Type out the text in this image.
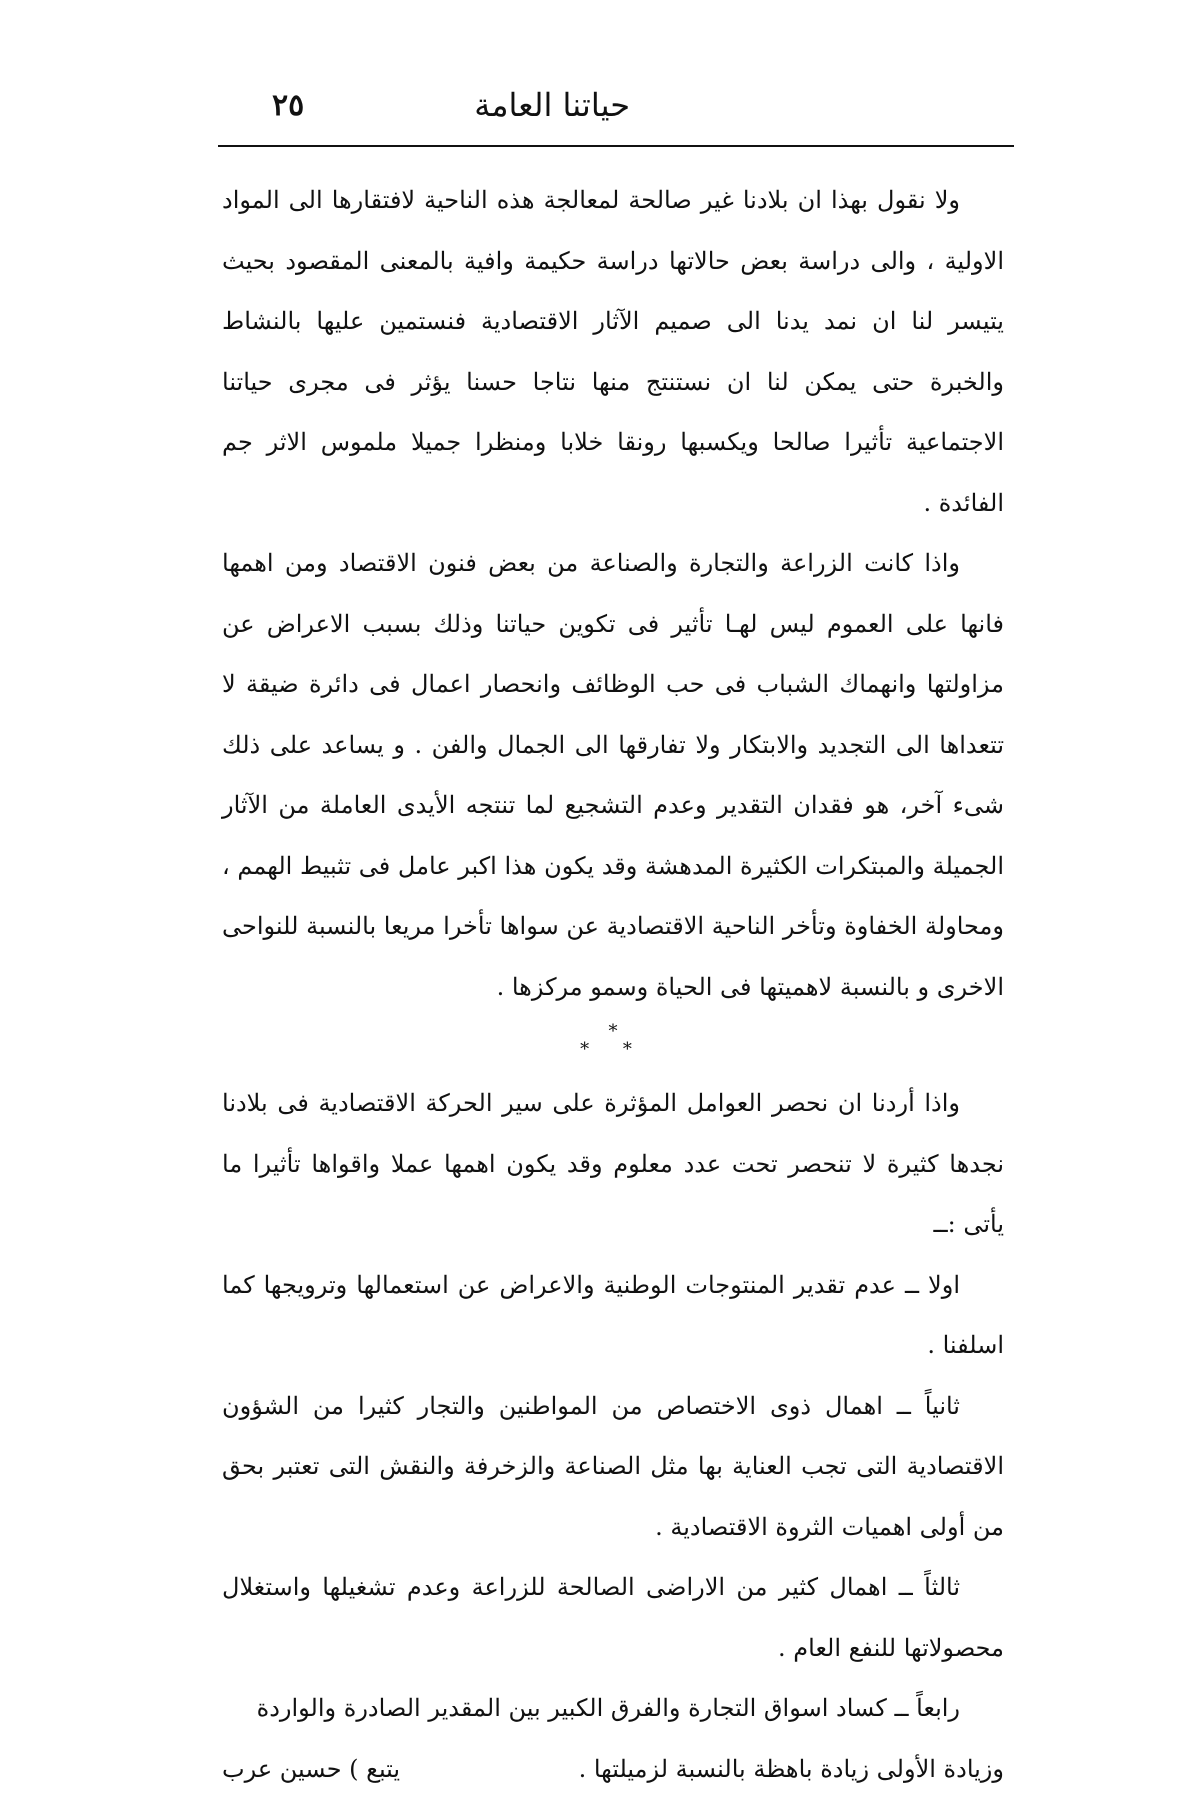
٢٥	حياتنا العامة

ولا نقول بهذا ان بلادنا غير صالحة لمعالجة هذه الناحية لافتقارها الى المواد الاولية ، والى دراسة بعض حالاتها دراسة حكيمة وافية بالمعنى المقصود بحيث يتيسر لنا ان نمد يدنا الى صميم الآثار الاقتصادية فنستمين عليها بالنشاط والخبرة حتى يمكن لنا ان نستنتج منها نتاجا حسنا يؤثر فى مجرى حياتنا الاجتماعية تأثيرا صالحا ويكسبها رونقا خلابا ومنظرا جميلا ملموس الاثر جم الفائدة .

واذا كانت الزراعة والتجارة والصناعة من بعض فنون الاقتصاد ومن اهمها فانها على العموم ليس لهـا تأثير فى تكوين حياتنا وذلك بسبب الاعراض عن مزاولتها وانهماك الشباب فى حب الوظائف وانحصار اعمال فى دائرة ضيقة لا تتعداها الى التجديد والابتكار ولا تفارقها الى الجمال والفن . و يساعد على ذلك شىء آخر، هو فقدان التقدير وعدم التشجيع لما تنتجه الأيدى العاملة من الآثار الجميلة والمبتكرات الكثيرة المدهشة وقد يكون هذا اكبر عامل فى تثبيط الهمم ، ومحاولة الخفاوة وتأخر الناحية الاقتصادية عن سواها تأخرا مريعا بالنسبة للنواحى الاخرى و بالنسبة لاهميتها فى الحياة وسمو مركزها .

*
* *

واذا أردنا ان نحصر العوامل المؤثرة على سير الحركة الاقتصادية فى بلادنا نجدها كثيرة لا تنحصر تحت عدد معلوم وقد يكون اهمها عملا واقواها تأثيرا ما يأتى :ــ

اولا ــ عدم تقدير المنتوجات الوطنية والاعراض عن استعمالها وترويجها كما اسلفنا .

ثانياً ــ اهمال ذوى الاختصاص من المواطنين والتجار كثيرا من الشؤون الاقتصادية التى تجب العناية بها مثل الصناعة والزخرفة والنقش التى تعتبر بحق من أولى اهميات الثروة الاقتصادية .

ثالثاً ــ اهمال كثير من الاراضى الصالحة للزراعة وعدم تشغيلها واستغلال محصولاتها للنفع العام .

رابعاً ــ كساد اسواق التجارة والفرق الكبير بين المقدير الصادرة والواردة

وزيادة الأولى زيادة باهظة بالنسبة لزميلتها .
يتبع ) حسين عرب
